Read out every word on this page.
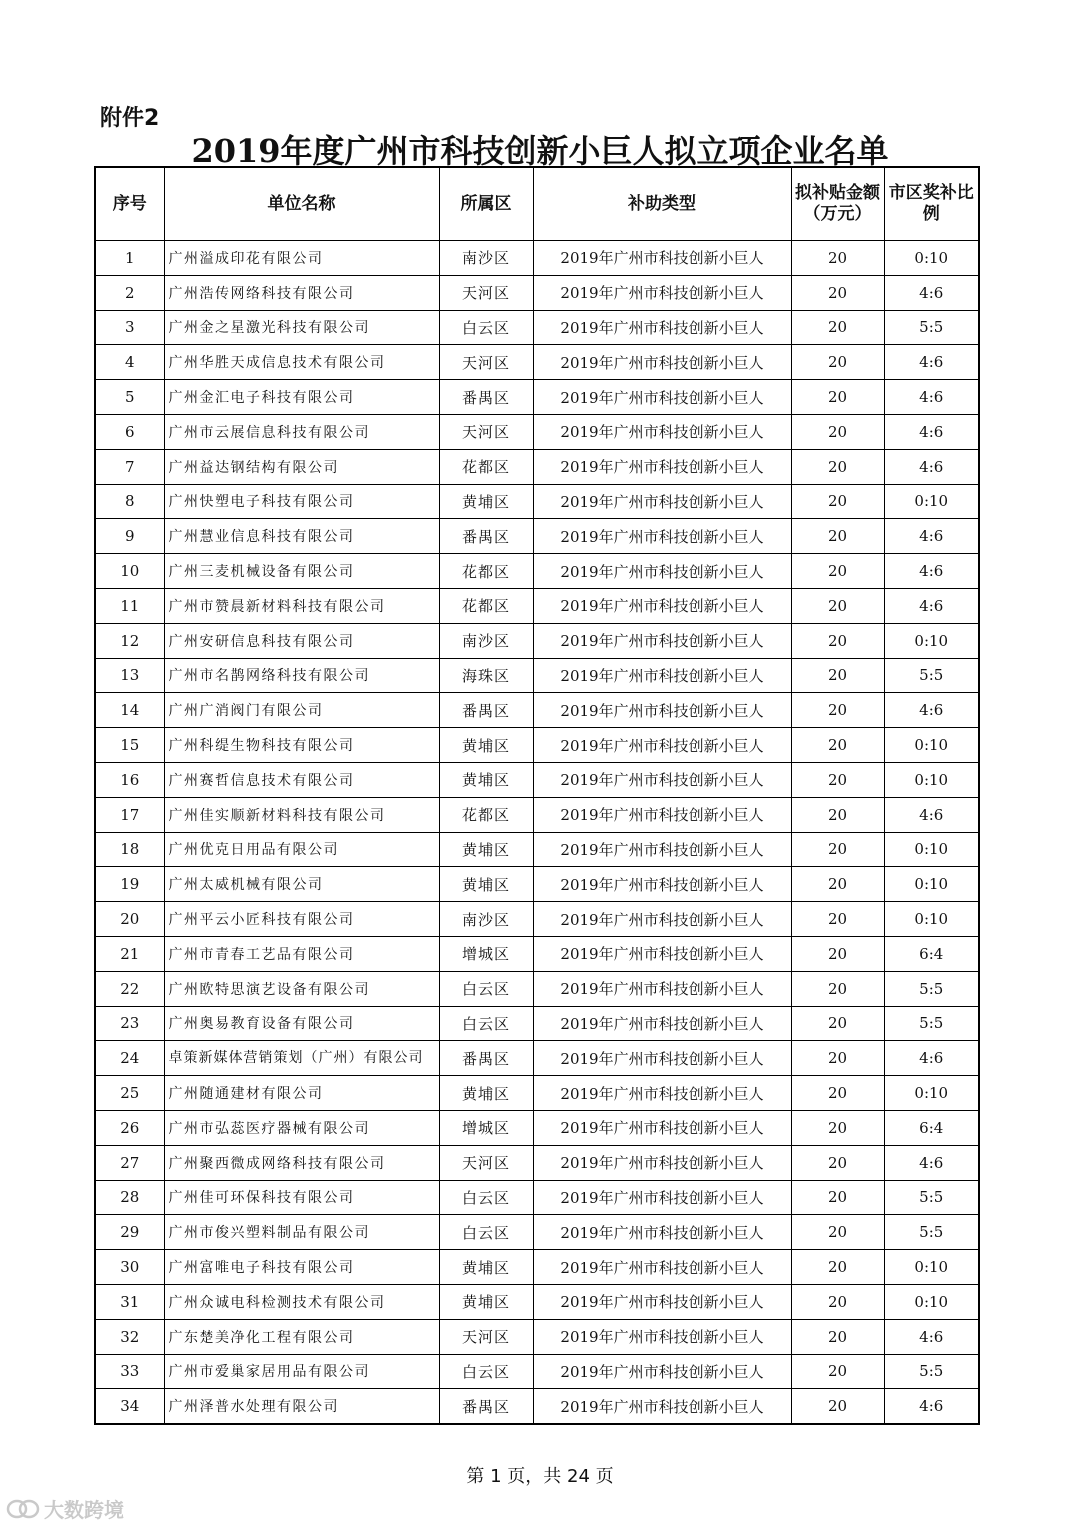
附件2
2019年度广州市科技创新小巨人拟立项企业名单
序号	单位名称	所属区	补助类型	拟补贴金额（万元）	市区奖补比例
1	广州溢成印花有限公司	南沙区	2019年广州市科技创新小巨人	20	0:10
2	广州浩传网络科技有限公司	天河区	2019年广州市科技创新小巨人	20	4:6
3	广州金之星激光科技有限公司	白云区	2019年广州市科技创新小巨人	20	5:5
4	广州华胜天成信息技术有限公司	天河区	2019年广州市科技创新小巨人	20	4:6
5	广州金汇电子科技有限公司	番禺区	2019年广州市科技创新小巨人	20	4:6
6	广州市云展信息科技有限公司	天河区	2019年广州市科技创新小巨人	20	4:6
7	广州益达钢结构有限公司	花都区	2019年广州市科技创新小巨人	20	4:6
8	广州快塑电子科技有限公司	黄埔区	2019年广州市科技创新小巨人	20	0:10
9	广州慧业信息科技有限公司	番禺区	2019年广州市科技创新小巨人	20	4:6
10	广州三麦机械设备有限公司	花都区	2019年广州市科技创新小巨人	20	4:6
11	广州市赞晨新材料科技有限公司	花都区	2019年广州市科技创新小巨人	20	4:6
12	广州安研信息科技有限公司	南沙区	2019年广州市科技创新小巨人	20	0:10
13	广州市名鹊网络科技有限公司	海珠区	2019年广州市科技创新小巨人	20	5:5
14	广州广消阀门有限公司	番禺区	2019年广州市科技创新小巨人	20	4:6
15	广州科缇生物科技有限公司	黄埔区	2019年广州市科技创新小巨人	20	0:10
16	广州赛哲信息技术有限公司	黄埔区	2019年广州市科技创新小巨人	20	0:10
17	广州佳实顺新材料科技有限公司	花都区	2019年广州市科技创新小巨人	20	4:6
18	广州优克日用品有限公司	黄埔区	2019年广州市科技创新小巨人	20	0:10
19	广州太威机械有限公司	黄埔区	2019年广州市科技创新小巨人	20	0:10
20	广州平云小匠科技有限公司	南沙区	2019年广州市科技创新小巨人	20	0:10
21	广州市青春工艺品有限公司	增城区	2019年广州市科技创新小巨人	20	6:4
22	广州欧特思演艺设备有限公司	白云区	2019年广州市科技创新小巨人	20	5:5
23	广州奥易教育设备有限公司	白云区	2019年广州市科技创新小巨人	20	5:5
24	卓策新媒体营销策划（广州）有限公司	番禺区	2019年广州市科技创新小巨人	20	4:6
25	广州随通建材有限公司	黄埔区	2019年广州市科技创新小巨人	20	0:10
26	广州市弘蕊医疗器械有限公司	增城区	2019年广州市科技创新小巨人	20	6:4
27	广州聚西微成网络科技有限公司	天河区	2019年广州市科技创新小巨人	20	4:6
28	广州佳可环保科技有限公司	白云区	2019年广州市科技创新小巨人	20	5:5
29	广州市俊兴塑料制品有限公司	白云区	2019年广州市科技创新小巨人	20	5:5
30	广州富唯电子科技有限公司	黄埔区	2019年广州市科技创新小巨人	20	0:10
31	广州众诚电科检测技术有限公司	黄埔区	2019年广州市科技创新小巨人	20	0:10
32	广东楚美净化工程有限公司	天河区	2019年广州市科技创新小巨人	20	4:6
33	广州市爱巢家居用品有限公司	白云区	2019年广州市科技创新小巨人	20	5:5
34	广州泽普水处理有限公司	番禺区	2019年广州市科技创新小巨人	20	4:6
第 1 页，共 24 页
大数跨境
